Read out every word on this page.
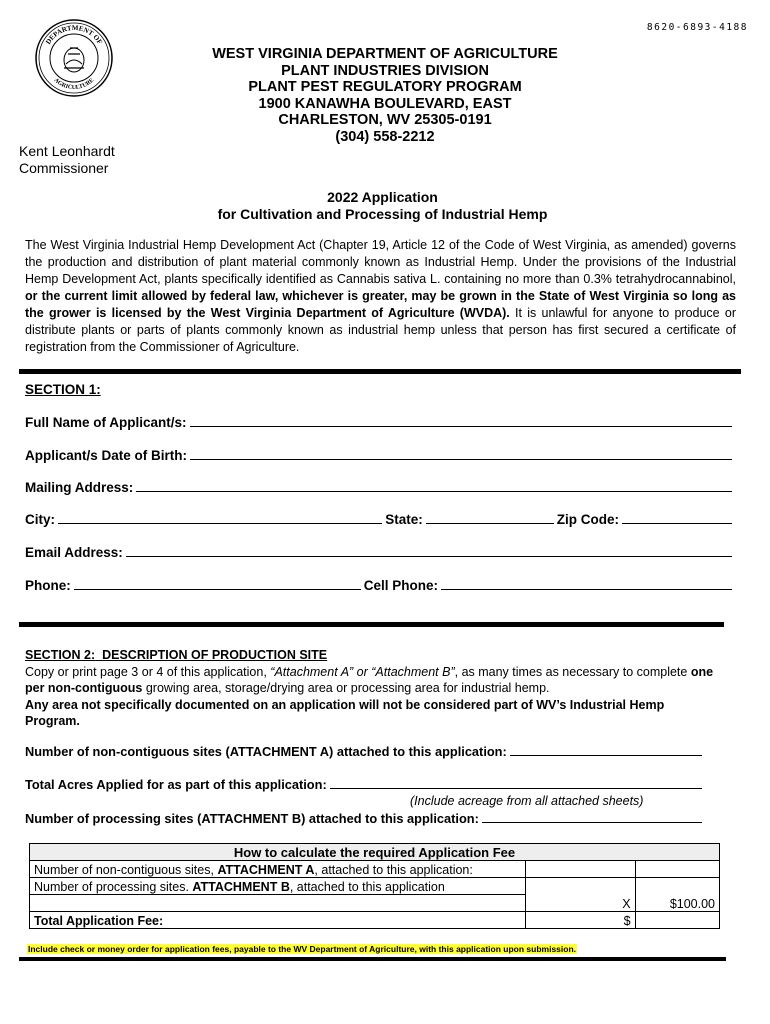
DEPARTMENT OF
AGRICULTURE
8620-6893-4188
WEST VIRGINIA DEPARTMENT OF AGRICULTURE
PLANT INDUSTRIES DIVISION
PLANT PEST REGULATORY PROGRAM
1900 KANAWHA BOULEVARD, EAST
CHARLESTON, WV 25305-0191
(304) 558-2212
Kent Leonhardt
Commissioner
2022 Application
for Cultivation and Processing of Industrial Hemp
The West Virginia Industrial Hemp Development Act (Chapter 19, Article 12 of the Code of West Virginia, as amended) governs the production and distribution of plant material commonly known as Industrial Hemp. Under the provisions of the Industrial Hemp Development Act, plants specifically identified as Cannabis sativa L. containing no more than 0.3% tetrahydrocannabinol, or the current limit allowed by federal law, whichever is greater, may be grown in the State of West Virginia so long as the grower is licensed by the West Virginia Department of Agriculture (WVDA). It is unlawful for anyone to produce or distribute plants or parts of plants commonly known as industrial hemp unless that person has first secured a certificate of registration from the Commissioner of Agriculture.
SECTION 1:
Full Name of Applicant/s:
Applicant/s Date of Birth:
Mailing Address:
City:	State:	Zip Code:
Email Address:
Phone:	Cell Phone:
SECTION 2: DESCRIPTION OF PRODUCTION SITE
Copy or print page 3 or 4 of this application, “Attachment A” or “Attachment B”, as many times as necessary to complete one per non-contiguous growing area, storage/drying area or processing area for industrial hemp.
Any area not specifically documented on an application will not be considered part of WV’s Industrial Hemp Program.
Number of non-contiguous sites (ATTACHMENT A) attached to this application:
Total Acres Applied for as part of this application:
(Include acreage from all attached sheets)
Number of processing sites (ATTACHMENT B) attached to this application:
How to calculate the required Application Fee		
Number of non-contiguous sites, ATTACHMENT A, attached to this application:		
Number of processing sites. ATTACHMENT B, attached to this application	X	$100.00

Total Application Fee:	$	
Include check or money order for application fees, payable to the WV Department of Agriculture, with this application upon submission.
